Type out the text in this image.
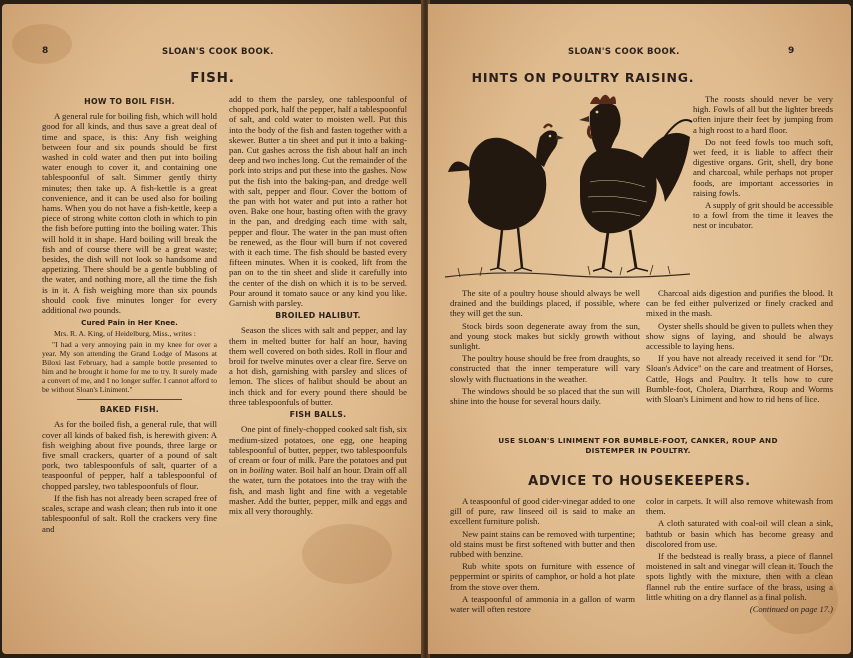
8	SLOAN'S COOK BOOK.
FISH.
HOW TO BOIL FISH.

A general rule for boiling fish, which will hold good for all kinds, and thus save a great deal of time and space, is this: Any fish weighing between four and six pounds should be first washed in cold water and then put into boiling water enough to cover it, and containing one tablespoonful of salt. Simmer gently thirty minutes; then take up. A fish-kettle is a great convenience, and it can be used also for boiling hams. When you do not have a fish-kettle, keep a piece of strong white cotton cloth in which to pin the fish before putting into the boiling water. This will hold it in shape. Hard boiling will break the fish and of course there will be a great waste; besides, the dish will not look so handsome and appetizing. There should be a gentle bubbling of the water, and nothing more, all the time the fish is in it. A fish weighing more than six pounds should cook five minutes longer for every additional two pounds.

Cured Pain in Her Knee.

Mrs. R. A. King, of Heidelburg, Miss., writes :

"I had a very annoying pain in my knee for over a year. My son attending the Grand Lodge of Masons at Biloxi last February, had a sample bottle presented to him and he brought it home for me to try. It surely made a convert of me, and I no longer suffer. I cannot afford to be without Sloan's Liniment."

BAKED FISH.

As for the boiled fish, a general rule, that will cover all kinds of baked fish, is herewith given: A fish weighing about five pounds, three large or five small crackers, quarter of a pound of salt pork, two tablespoonfuls of salt, quarter of a teaspoonful of pepper, half a tablespoonful of chopped parsley, two tablespoonfuls of flour.

If the fish has not already been scraped free of scales, scrape and wash clean; then rub into it one tablespoonful of salt. Roll the crackers very fine and

add to them the parsley, one tablespoonful of chopped pork, half the pepper, half a tablespoonful of salt, and cold water to moisten well. Put this into the body of the fish and fasten together with a skewer. Butter a tin sheet and put it into a baking-pan. Cut gashes across the fish about half an inch deep and two inches long. Cut the remainder of the pork into strips and put these into the gashes. Now put the fish into the baking-pan, and dredge well with salt, pepper and flour. Cover the bottom of the pan with hot water and put into a rather hot oven. Bake one hour, basting often with the gravy in the pan, and dredging each time with salt, pepper and flour. The water in the pan must often be renewed, as the flour will burn if not covered with it each time. The fish should be basted every fifteen minutes. When it is cooked, lift from the pan on to the tin sheet and slide it carefully into the center of the dish on which it is to be served. Pour around it tomato sauce or any kind you like. Garnish with parsley.

BROILED HALIBUT.

Season the slices with salt and pepper, and lay them in melted butter for half an hour, having them well covered on both sides. Roll in flour and broil for twelve minutes over a clear fire. Serve on a hot dish, garnishing with parsley and slices of lemon. The slices of halibut should be about an inch thick and for every pound there should be three tablespoonfuls of butter.

FISH BALLS.

One pint of finely-chopped cooked salt fish, six medium-sized potatoes, one egg, one heaping tablespoonful of butter, pepper, two tablespoonfuls of cream or four of milk. Pare the potatoes and put on in boiling water. Boil half an hour. Drain off all the water, turn the potatoes into the tray with the fish, and mash light and fine with a vegetable masher. Add the butter, pepper, milk and eggs and mix all very thoroughly.

SLOAN'S COOK BOOK.	9
HINTS ON POULTRY RAISING.

The roosts should never be very high. Fowls of all but the lighter breeds often injure their feet by jumping from a high roost to a hard floor.

Do not feed fowls too much soft, wet feed, it is liable to affect their digestive organs. Grit, shell, dry bone and charcoal, while perhaps not proper foods, are important accessories in raising fowls.

A supply of grit should be accessible to a fowl from the time it leaves the nest or incubator.

The site of a poultry house should always be well drained and the buildings placed, if possible, where they will get the sun.

Stock birds soon degenerate away from the sun, and young stock makes but sickly growth without sunlight.

The poultry house should be free from draughts, so constructed that the inner temperature will vary slowly with fluctuations in the weather.

The windows should be so placed that the sun will shine into the house for several hours daily.

Charcoal aids digestion and purifies the blood. It can be fed either pulverized or finely cracked and mixed in the mash.

Oyster shells should be given to pullets when they show signs of laying, and should be always accessible to laying hens.

If you have not already received it send for "Dr. Sloan's Advice" on the care and treatment of Horses, Cattle, Hogs and Poultry. It tells how to cure Bumble-foot, Cholera, Diarrhœa, Roup and Worms with Sloan's Liniment and how to rid hens of lice.

USE SLOAN'S LINIMENT FOR BUMBLE-FOOT, CANKER, ROUP AND DISTEMPER IN POULTRY.
ADVICE TO HOUSEKEEPERS.

A teaspoonful of good cider-vinegar added to one gill of pure, raw linseed oil is said to make an excellent furniture polish.

New paint stains can be removed with turpentine; old stains must be first softened with butter and then rubbed with benzine.

Rub white spots on furniture with essence of peppermint or spirits of camphor, or hold a hot plate from the stove over them.

A teaspoonful of ammonia in a gallon of warm water will often restore

color in carpets. It will also remove whitewash from them.

A cloth saturated with coal-oil will clean a sink, bathtub or basin which has become greasy and discolored from use.

If the bedstead is really brass, a piece of flannel moistened in salt and vinegar will clean it. Touch the spots lightly with the mixture, then with a clean flannel rub the entire surface of the brass, using a little whiting on a dry flannel as a final polish.

(Continued on page 17.)
